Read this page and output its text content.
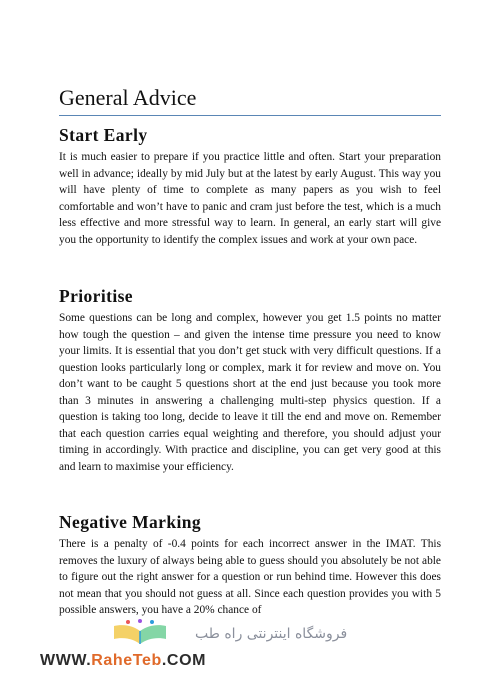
General Advice
Start Early

It is much easier to prepare if you practice little and often. Start your preparation well in advance; ideally by mid July but at the latest by early August. This way you will have plenty of time to complete as many papers as you wish to feel comfortable and won’t have to panic and cram just before the test, which is a much less effective and more stressful way to learn. In general, an early start will give you the opportunity to identify the complex issues and work at your own pace.

Prioritise

Some questions can be long and complex, however you get 1.5 points no matter how tough the question – and given the intense time pressure you need to know your limits. It is essential that you don’t get stuck with very difficult questions. If a question looks particularly long or complex, mark it for review and move on. You don’t want to be caught 5 questions short at the end just because you took more than 3 minutes in answering a challenging multi-step physics question. If a question is taking too long, decide to leave it till the end and move on. Remember that each question carries equal weighting and therefore, you should adjust your timing in accordingly. With practice and discipline, you can get very good at this and learn to maximise your efficiency.

Negative Marking

There is a penalty of -0.4 points for each incorrect answer in the IMAT. This removes the luxury of always being able to guess should you absolutely be not able to figure out the right answer for a question or run behind time. However this does not mean that you should not guess at all. Since each question provides you with 5 possible answers, you have a 20% chance of

فروشگاه اینترنتی راه طب
WWW.RaheTeb.COM
